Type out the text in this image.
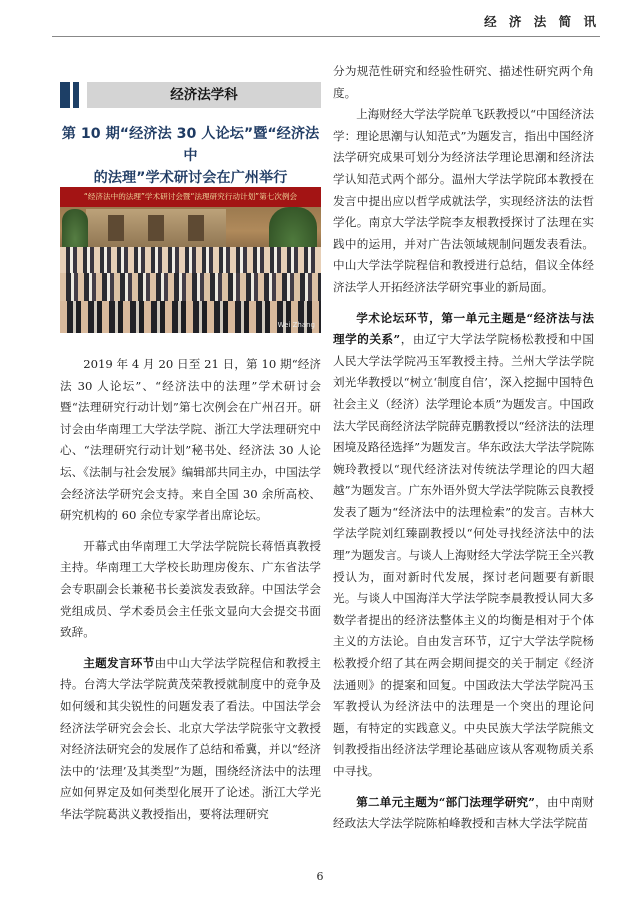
经 济 法 简 讯
经济法学科
第 10 期“经济法 30 人论坛”暨“经济法中
的法理”学术研讨会在广州举行
“经济法中的法理”学术研讨会暨“法理研究行动计划”第七次例会
Wei Zhang

2019 年 4 月 20 日至 21 日，第 10 期“经济法 30 人论坛”、“经济法中的法理”学术研讨会暨“法理研究行动计划”第七次例会在广州召开。研讨会由华南理工大学法学院、浙江大学法理研究中心、“法理研究行动计划”秘书处、经济法 30 人论坛、《法制与社会发展》编辑部共同主办，中国法学会经济法学研究会支持。来自全国 30 余所高校、研究机构的 60 余位专家学者出席论坛。

开幕式由华南理工大学法学院院长蒋悟真教授主持。华南理工大学校长助理房俊东、广东省法学会专职副会长兼秘书长姜滨发表致辞。中国法学会党组成员、学术委员会主任张文显向大会提交书面致辞。

主题发言环节由中山大学法学院程信和教授主持。台湾大学法学院黄茂荣教授就制度中的竞争及如何缓和其尖锐性的问题发表了看法。中国法学会经济法学研究会会长、北京大学法学院张守文教授对经济法研究会的发展作了总结和希冀，并以“经济法中的‘法理’及其类型”为题，围绕经济法中的法理应如何界定及如何类型化展开了论述。浙江大学光华法学院葛洪义教授指出，要将法理研究

分为规范性研究和经验性研究、描述性研究两个角度。

上海财经大学法学院单飞跃教授以“中国经济法学：理论思潮与认知范式”为题发言，指出中国经济法学研究成果可划分为经济法学理论思潮和经济法学认知范式两个部分。温州大学法学院邱本教授在发言中提出应以哲学成就法学，实现经济法的法哲学化。南京大学法学院李友根教授探讨了法理在实践中的运用，并对广告法领域规制问题发表看法。中山大学法学院程信和教授进行总结，倡议全体经济法学人开拓经济法学研究事业的新局面。

学术论坛环节，第一单元主题是“经济法与法理学的关系”，由辽宁大学法学院杨松教授和中国人民大学法学院冯玉军教授主持。兰州大学法学院刘光华教授以“树立‘制度自信’，深入挖掘中国特色社会主义（经济）法学理论本质”为题发言。中国政法大学民商经济法学院薛克鹏教授以“经济法的法理困境及路径选择”为题发言。华东政法大学法学院陈婉玲教授以“现代经济法对传统法学理论的四大超越”为题发言。广东外语外贸大学法学院陈云良教授发表了题为“经济法中的法理检索”的发言。吉林大学法学院刘红臻副教授以“何处寻找经济法中的法理”为题发言。与谈人上海财经大学法学院王全兴教授认为，面对新时代发展，探讨老问题要有新眼光。与谈人中国海洋大学法学院李晨教授认同大多数学者提出的经济法整体主义的均衡是相对于个体主义的方法论。自由发言环节，辽宁大学法学院杨松教授介绍了其在两会期间提交的关于制定《经济法通则》的提案和回复。中国政法大学法学院冯玉军教授认为经济法中的法理是一个突出的理论问题，有特定的实践意义。中央民族大学法学院熊文钊教授指出经济法学理论基础应该从客观物质关系中寻找。

第二单元主题为“部门法理学研究”，由中南财经政法大学法学院陈柏峰教授和吉林大学法学院苗

6
